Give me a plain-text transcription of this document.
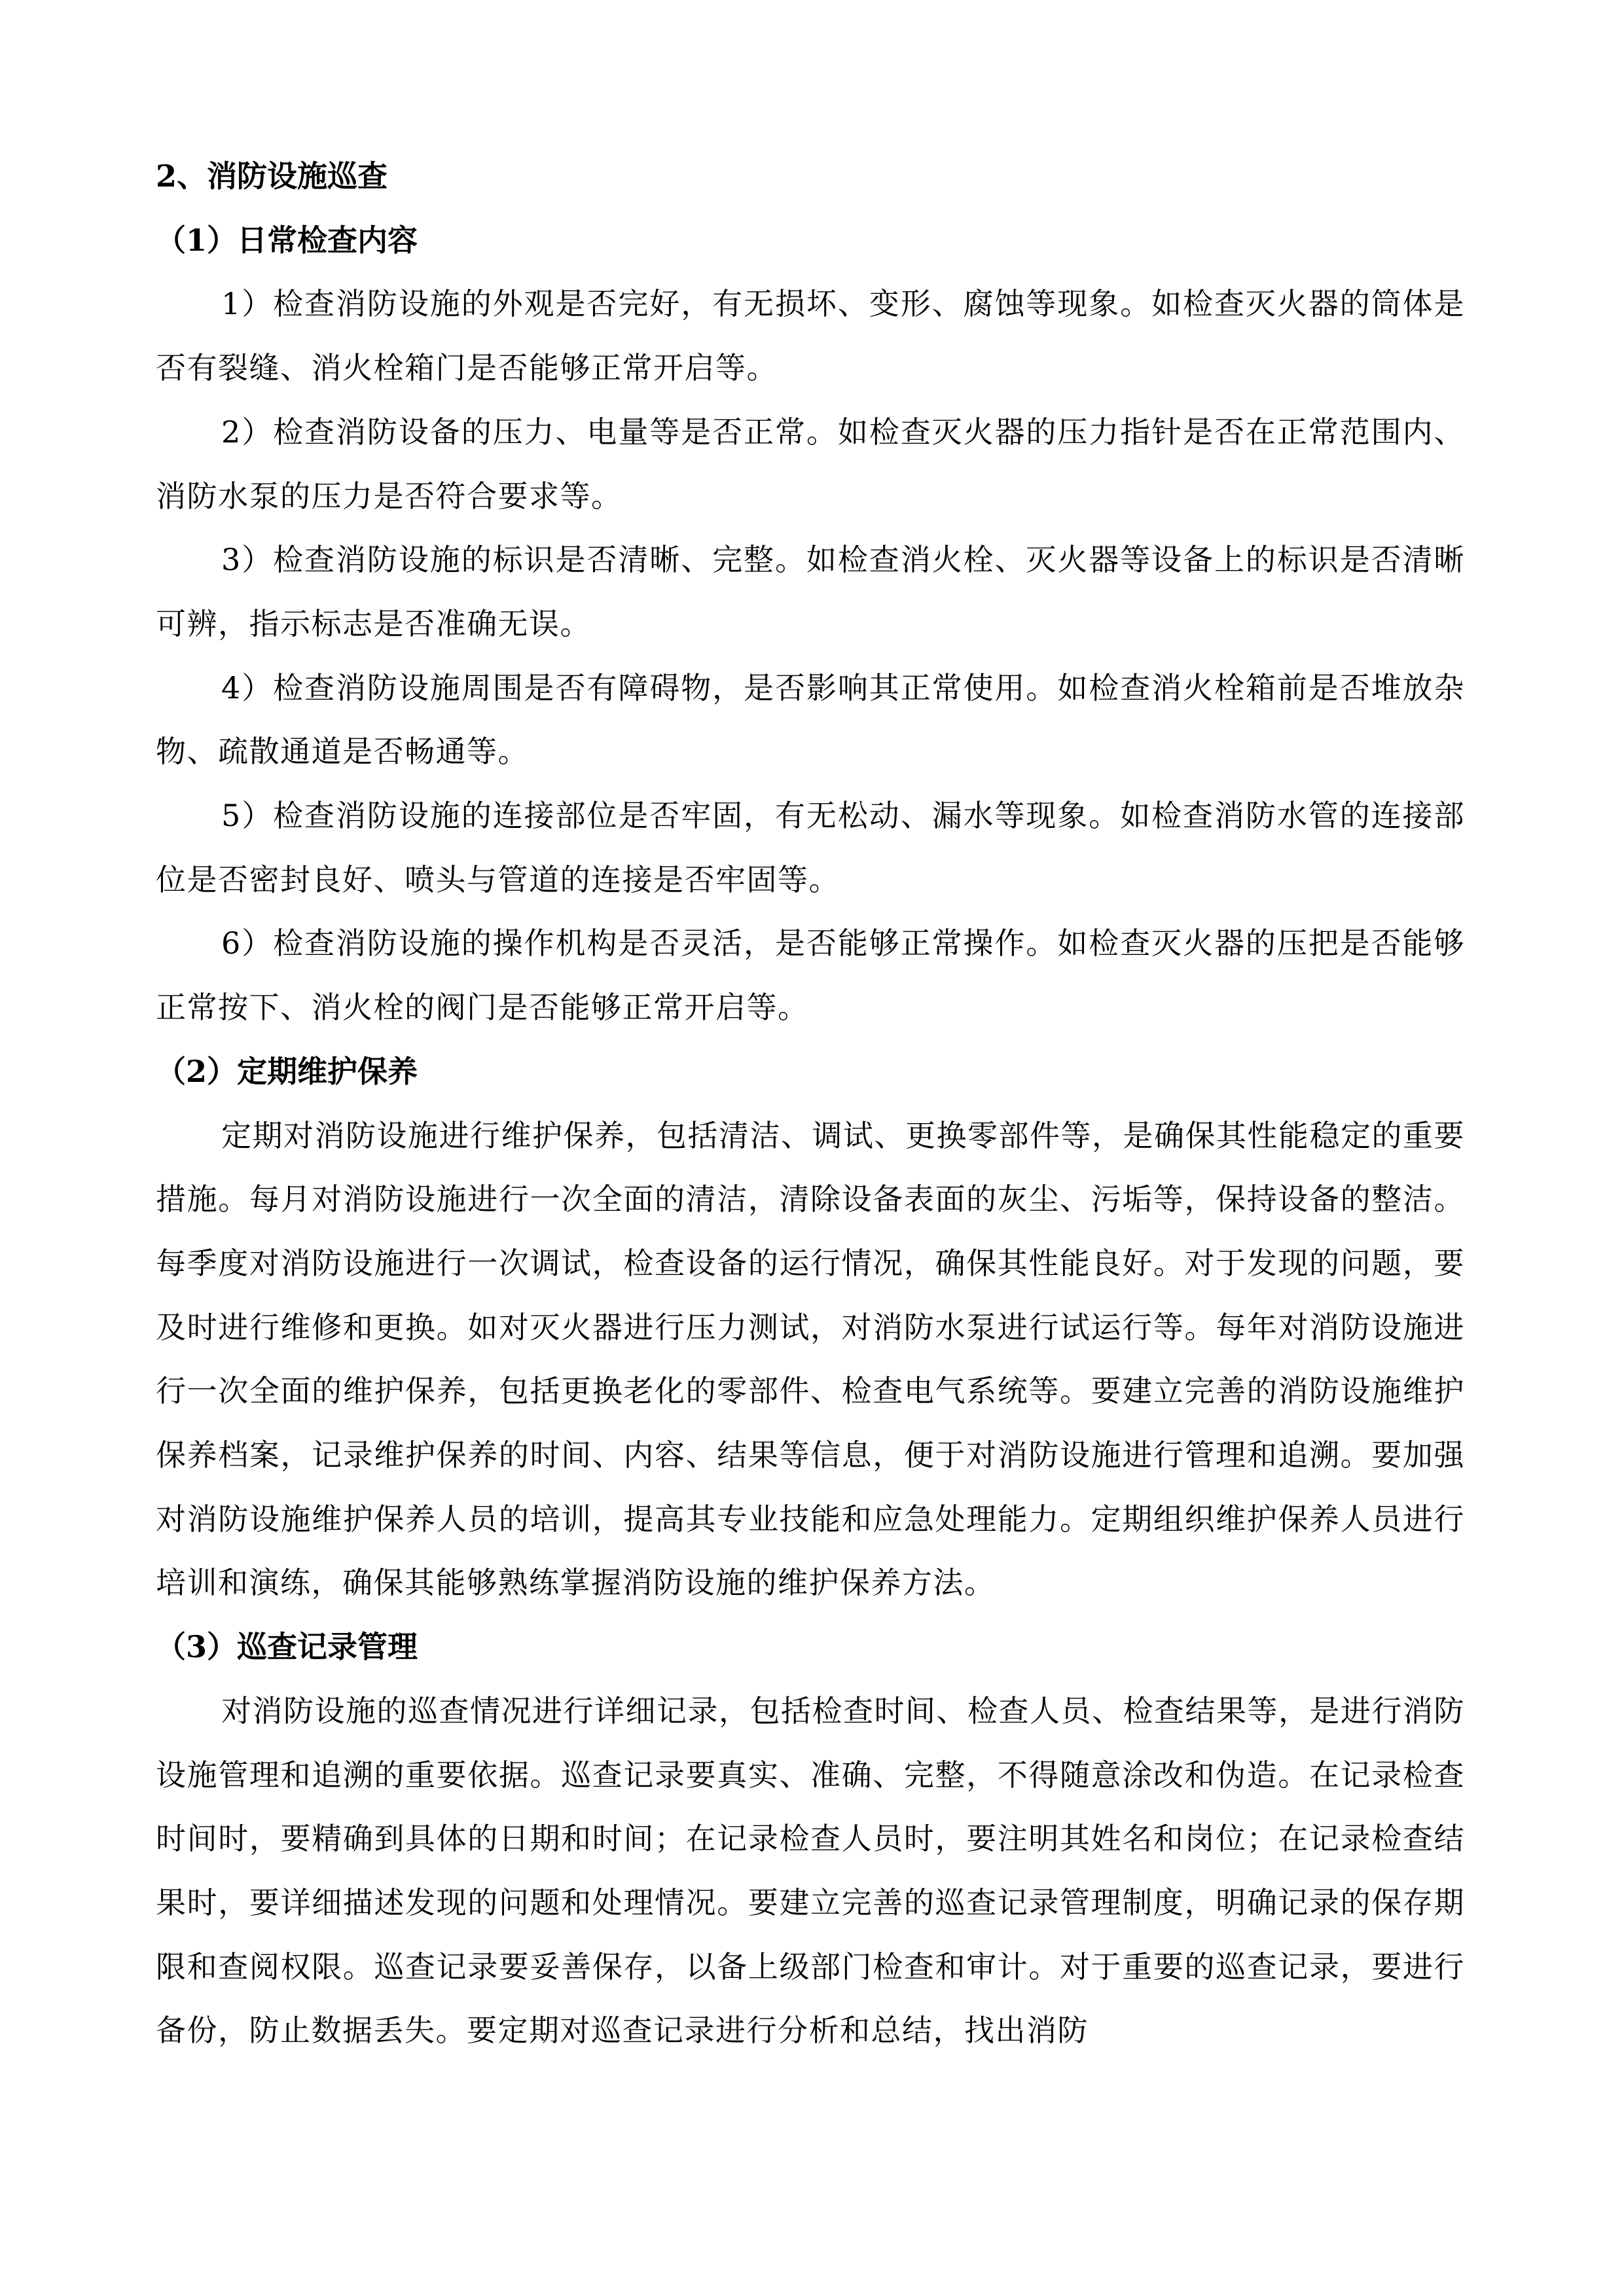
2、消防设施巡查
（1）日常检查内容

1）检查消防设施的外观是否完好，有无损坏、变形、腐蚀等现象。如检查灭火器的筒体是否有裂缝、消火栓箱门是否能够正常开启等。

2）检查消防设备的压力、电量等是否正常。如检查灭火器的压力指针是否在正常范围内、消防水泵的压力是否符合要求等。

3）检查消防设施的标识是否清晰、完整。如检查消火栓、灭火器等设备上的标识是否清晰可辨，指示标志是否准确无误。

4）检查消防设施周围是否有障碍物，是否影响其正常使用。如检查消火栓箱前是否堆放杂物、疏散通道是否畅通等。

5）检查消防设施的连接部位是否牢固，有无松动、漏水等现象。如检查消防水管的连接部位是否密封良好、喷头与管道的连接是否牢固等。

6）检查消防设施的操作机构是否灵活，是否能够正常操作。如检查灭火器的压把是否能够正常按下、消火栓的阀门是否能够正常开启等。

（2）定期维护保养

定期对消防设施进行维护保养，包括清洁、调试、更换零部件等，是确保其性能稳定的重要措施。每月对消防设施进行一次全面的清洁，清除设备表面的灰尘、污垢等，保持设备的整洁。每季度对消防设施进行一次调试，检查设备的运行情况，确保其性能良好。对于发现的问题，要及时进行维修和更换。如对灭火器进行压力测试，对消防水泵进行试运行等。每年对消防设施进行一次全面的维护保养，包括更换老化的零部件、检查电气系统等。要建立完善的消防设施维护保养档案，记录维护保养的时间、内容、结果等信息，便于对消防设施进行管理和追溯。要加强对消防设施维护保养人员的培训，提高其专业技能和应急处理能力。定期组织维护保养人员进行培训和演练，确保其能够熟练掌握消防设施的维护保养方法。

（3）巡查记录管理

对消防设施的巡查情况进行详细记录，包括检查时间、检查人员、检查结果等，是进行消防设施管理和追溯的重要依据。巡查记录要真实、准确、完整，不得随意涂改和伪造。在记录检查时间时，要精确到具体的日期和时间；在记录检查人员时，要注明其姓名和岗位；在记录检查结果时，要详细描述发现的问题和处理情况。要建立完善的巡查记录管理制度，明确记录的保存期限和查阅权限。巡查记录要妥善保存，以备上级部门检查和审计。对于重要的巡查记录，要进行备份，防止数据丢失。要定期对巡查记录进行分析和总结，找出消防
